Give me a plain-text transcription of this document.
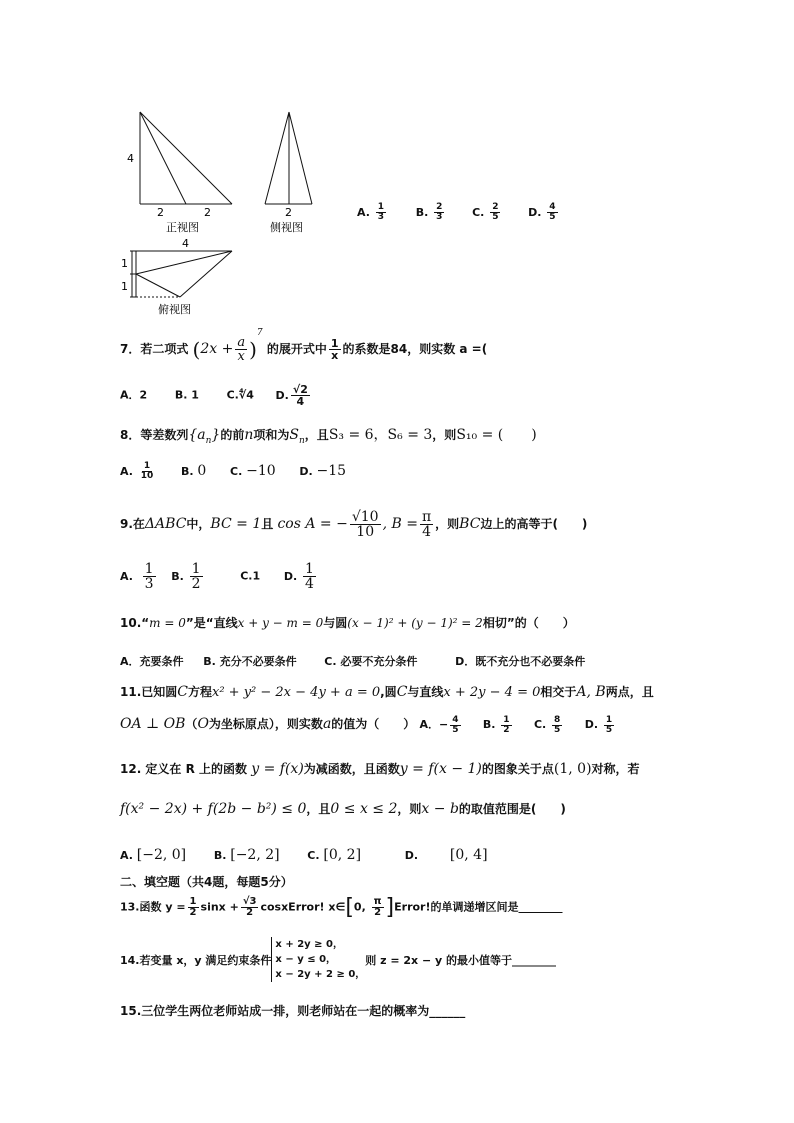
4
2	2
正视图
2
侧视图
4
1
1
俯视图
A. $\frac{1}{3}$	B. $\frac{2}{3}$	C. $\frac{2}{5}$	D. $\frac{4}{5}$
7．若二项式 $(2x + \frac{a}{x} )^7$ 的展开式中 $\frac{1}{x}$ 的系数是84，则实数 a =(
A．2	B. 1	C.∜4 D. $\frac{√2}{4}$
8．等差数列$\{a_n\}$的前n项和为$S_n$，且S₃ = 6，S₆ = 3，则S₁₀ = (　　)
A. $\frac{1}{10} B$. 0 C. −10 D. −15
9.在ΔABC中，BC = 1且 cos A = − $\frac{√10}{10}$ , $B = \frac{\pi}{4}$ ，则BC边上的高等于(　　)
A. $\frac{1}{3} B$. $\frac{1}{2}$	C.1 D. $\frac{1}{4}$
10.“m = 0”是“直线x + y − m = 0与圆(x − 1)² + (y − 1)² = 2相切”的（　　）
A．充要条件 B. 充分不必要条件	C. 必要不充分条件	D．既不充分也不必要条件
11.已知圆C方程x² + y² − 2x − 4y + a = 0,圆C与直线x + 2y − 4 = 0相交于A, B两点，且
OA ⊥ OB（O为坐标原点），则实数a的值为（　　） A．− $\frac{4}{5} B$. $\frac{1}{2} C$. $\frac{8}{5} D$. $\frac{1}{5}$
12. 定义在 R 上的函数 y = f(x)为减函数，且函数y = f(x − 1)的图象关于点(1, 0)对称，若
f(x² − 2x) + f(2b − b²) ≤ 0，且0 ≤ x ≤ 2，则x − b的取值范围是(　　)
A. [−2, 0]	B. [−2, 2]	C. [0, 2]	D. [0, 4]
二、填空题（共4题，每题5分）
13.函数 $y = \frac{1}{2}$ $\sin x + \frac{√3}{2}$ cosxError! x∈[0, $\frac{\pi}{2}$ ]Error!的单调递增区间是________
14.若变量 x，y 满足约束条件
x + 2y ≥ 0，
x − y ≤ 0，
x − 2y + 2 ≥ 0，
则 z = 2x − y 的最小值等于________
15.三位学生两位老师站成一排，则老师站在一起的概率为______
